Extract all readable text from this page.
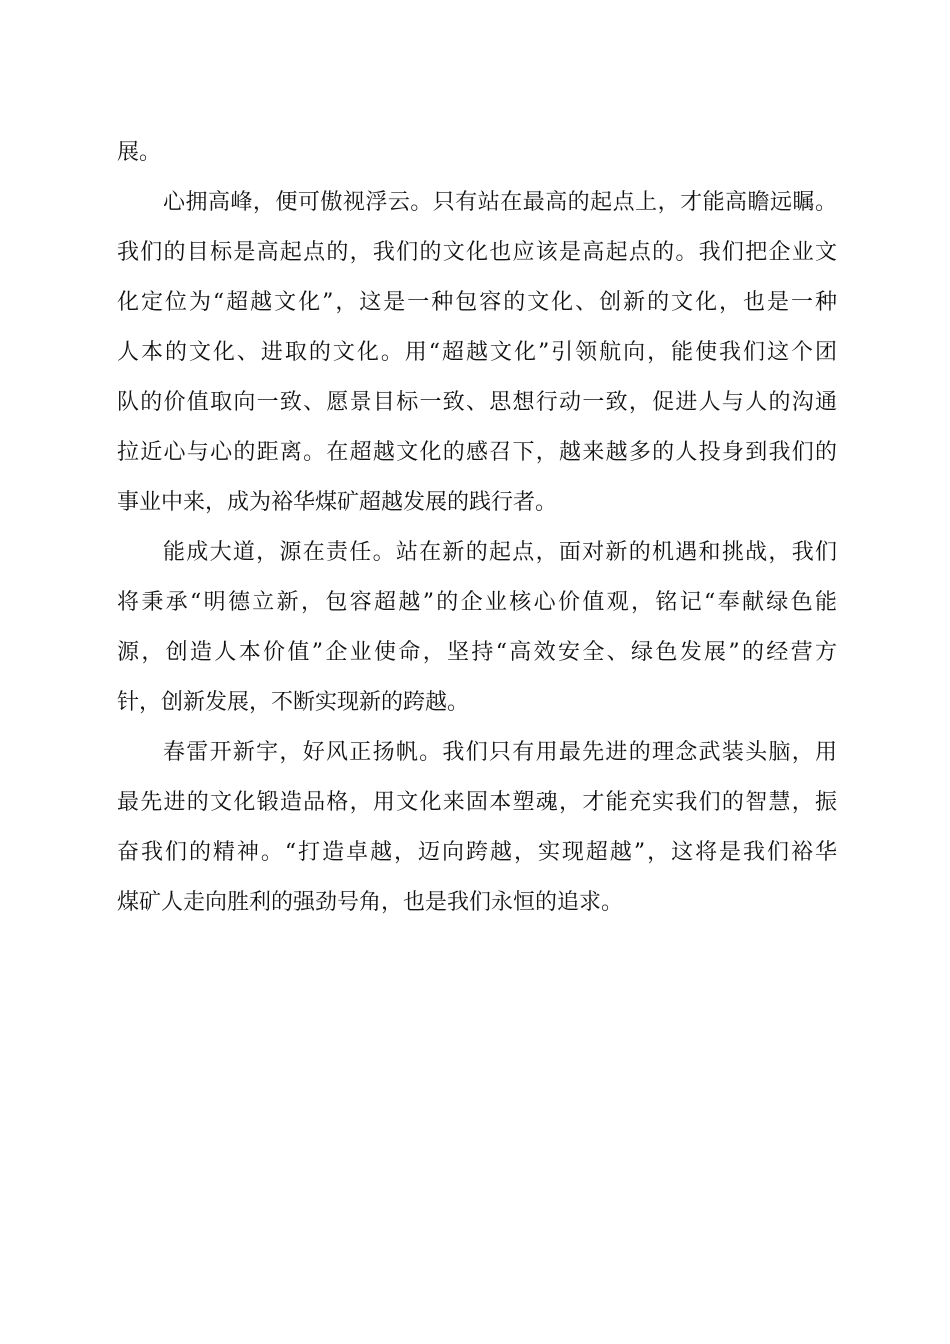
展。
心拥高峰，便可傲视浮云。只有站在最高的起点上，才能高瞻远瞩。
我们的目标是高起点的，我们的文化也应该是高起点的。我们把企业文
化定位为“超越文化”，这是一种包容的文化、创新的文化，也是一种
人本的文化、进取的文化。用“超越文化”引领航向，能使我们这个团
队的价值取向一致、愿景目标一致、思想行动一致，促进人与人的沟通
拉近心与心的距离。在超越文化的感召下，越来越多的人投身到我们的
事业中来，成为裕华煤矿超越发展的践行者。
能成大道，源在责任。站在新的起点，面对新的机遇和挑战，我们
将秉承“明德立新，包容超越”的企业核心价值观，铭记“奉献绿色能
源，创造人本价值”企业使命，坚持“高效安全、绿色发展”的经营方
针，创新发展，不断实现新的跨越。
春雷开新宇，好风正扬帆。我们只有用最先进的理念武装头脑，用
最先进的文化锻造品格，用文化来固本塑魂，才能充实我们的智慧，振
奋我们的精神。“打造卓越，迈向跨越，实现超越”，这将是我们裕华
煤矿人走向胜利的强劲号角，也是我们永恒的追求。
